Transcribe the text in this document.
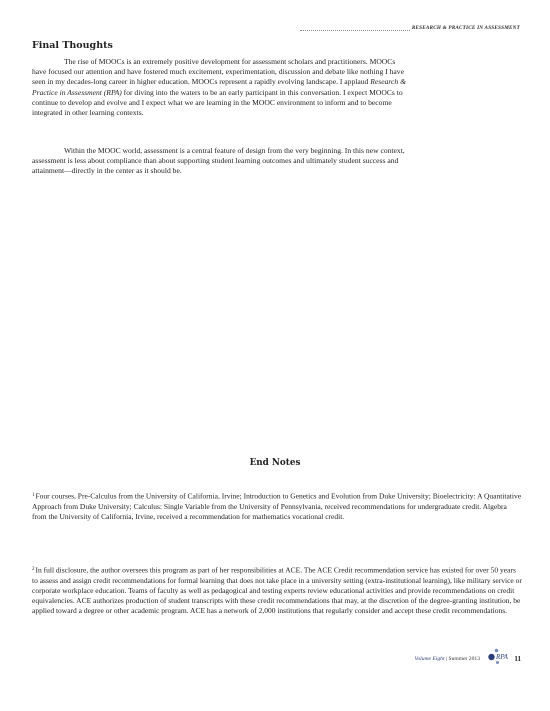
RESEARCH & PRACTICE IN ASSESSMENT
Final Thoughts

The rise of MOOCs is an extremely positive development for assessment scholars and practitioners. MOOCs have focused our attention and have fostered much excitement, experimentation, discussion and debate like nothing I have seen in my decades-long career in higher education. MOOCs represent a rapidly evolving landscape. I applaud Research & Practice in Assessment (RPA) for diving into the waters to be an early participant in this conversation. I expect MOOCs to continue to develop and evolve and I expect what we are learning in the MOOC environment to inform and to become integrated in other learning contexts.

Within the MOOC world, assessment is a central feature of design from the very beginning. In this new context, assessment is less about compliance than about supporting student learning outcomes and ultimately student success and attainment—directly in the center as it should be.

End Notes

$^1$Four courses, Pre-Calculus from the University of California, Irvine; Introduction to Genetics and Evolution from Duke University; Bioelectricity: A Quantitative Approach from Duke University; Calculus: Single Variable from the University of Pennsylvania, received recommendations for undergraduate credit. Algebra from the University of California, Irvine, received a recommendation for mathematics vocational credit.

$^2$In full disclosure, the author oversees this program as part of her responsibilities at ACE. The ACE Credit recommendation service has existed for over 50 years to assess and assign credit recommendations for formal learning that does not take place in a university setting (extra-institutional learning), like military service or corporate workplace education. Teams of faculty as well as pedagogical and testing experts review educational activities and provide recommendations on credit equivalencies. ACE authorizes production of student transcripts with these credit recommendations that may, at the discretion of the degree-granting institution, be applied toward a degree or other academic program. ACE has a network of 2,000 institutions that regularly consider and accept these credit recommendations.

Volume Eight | Summer 2013 RPA 11
